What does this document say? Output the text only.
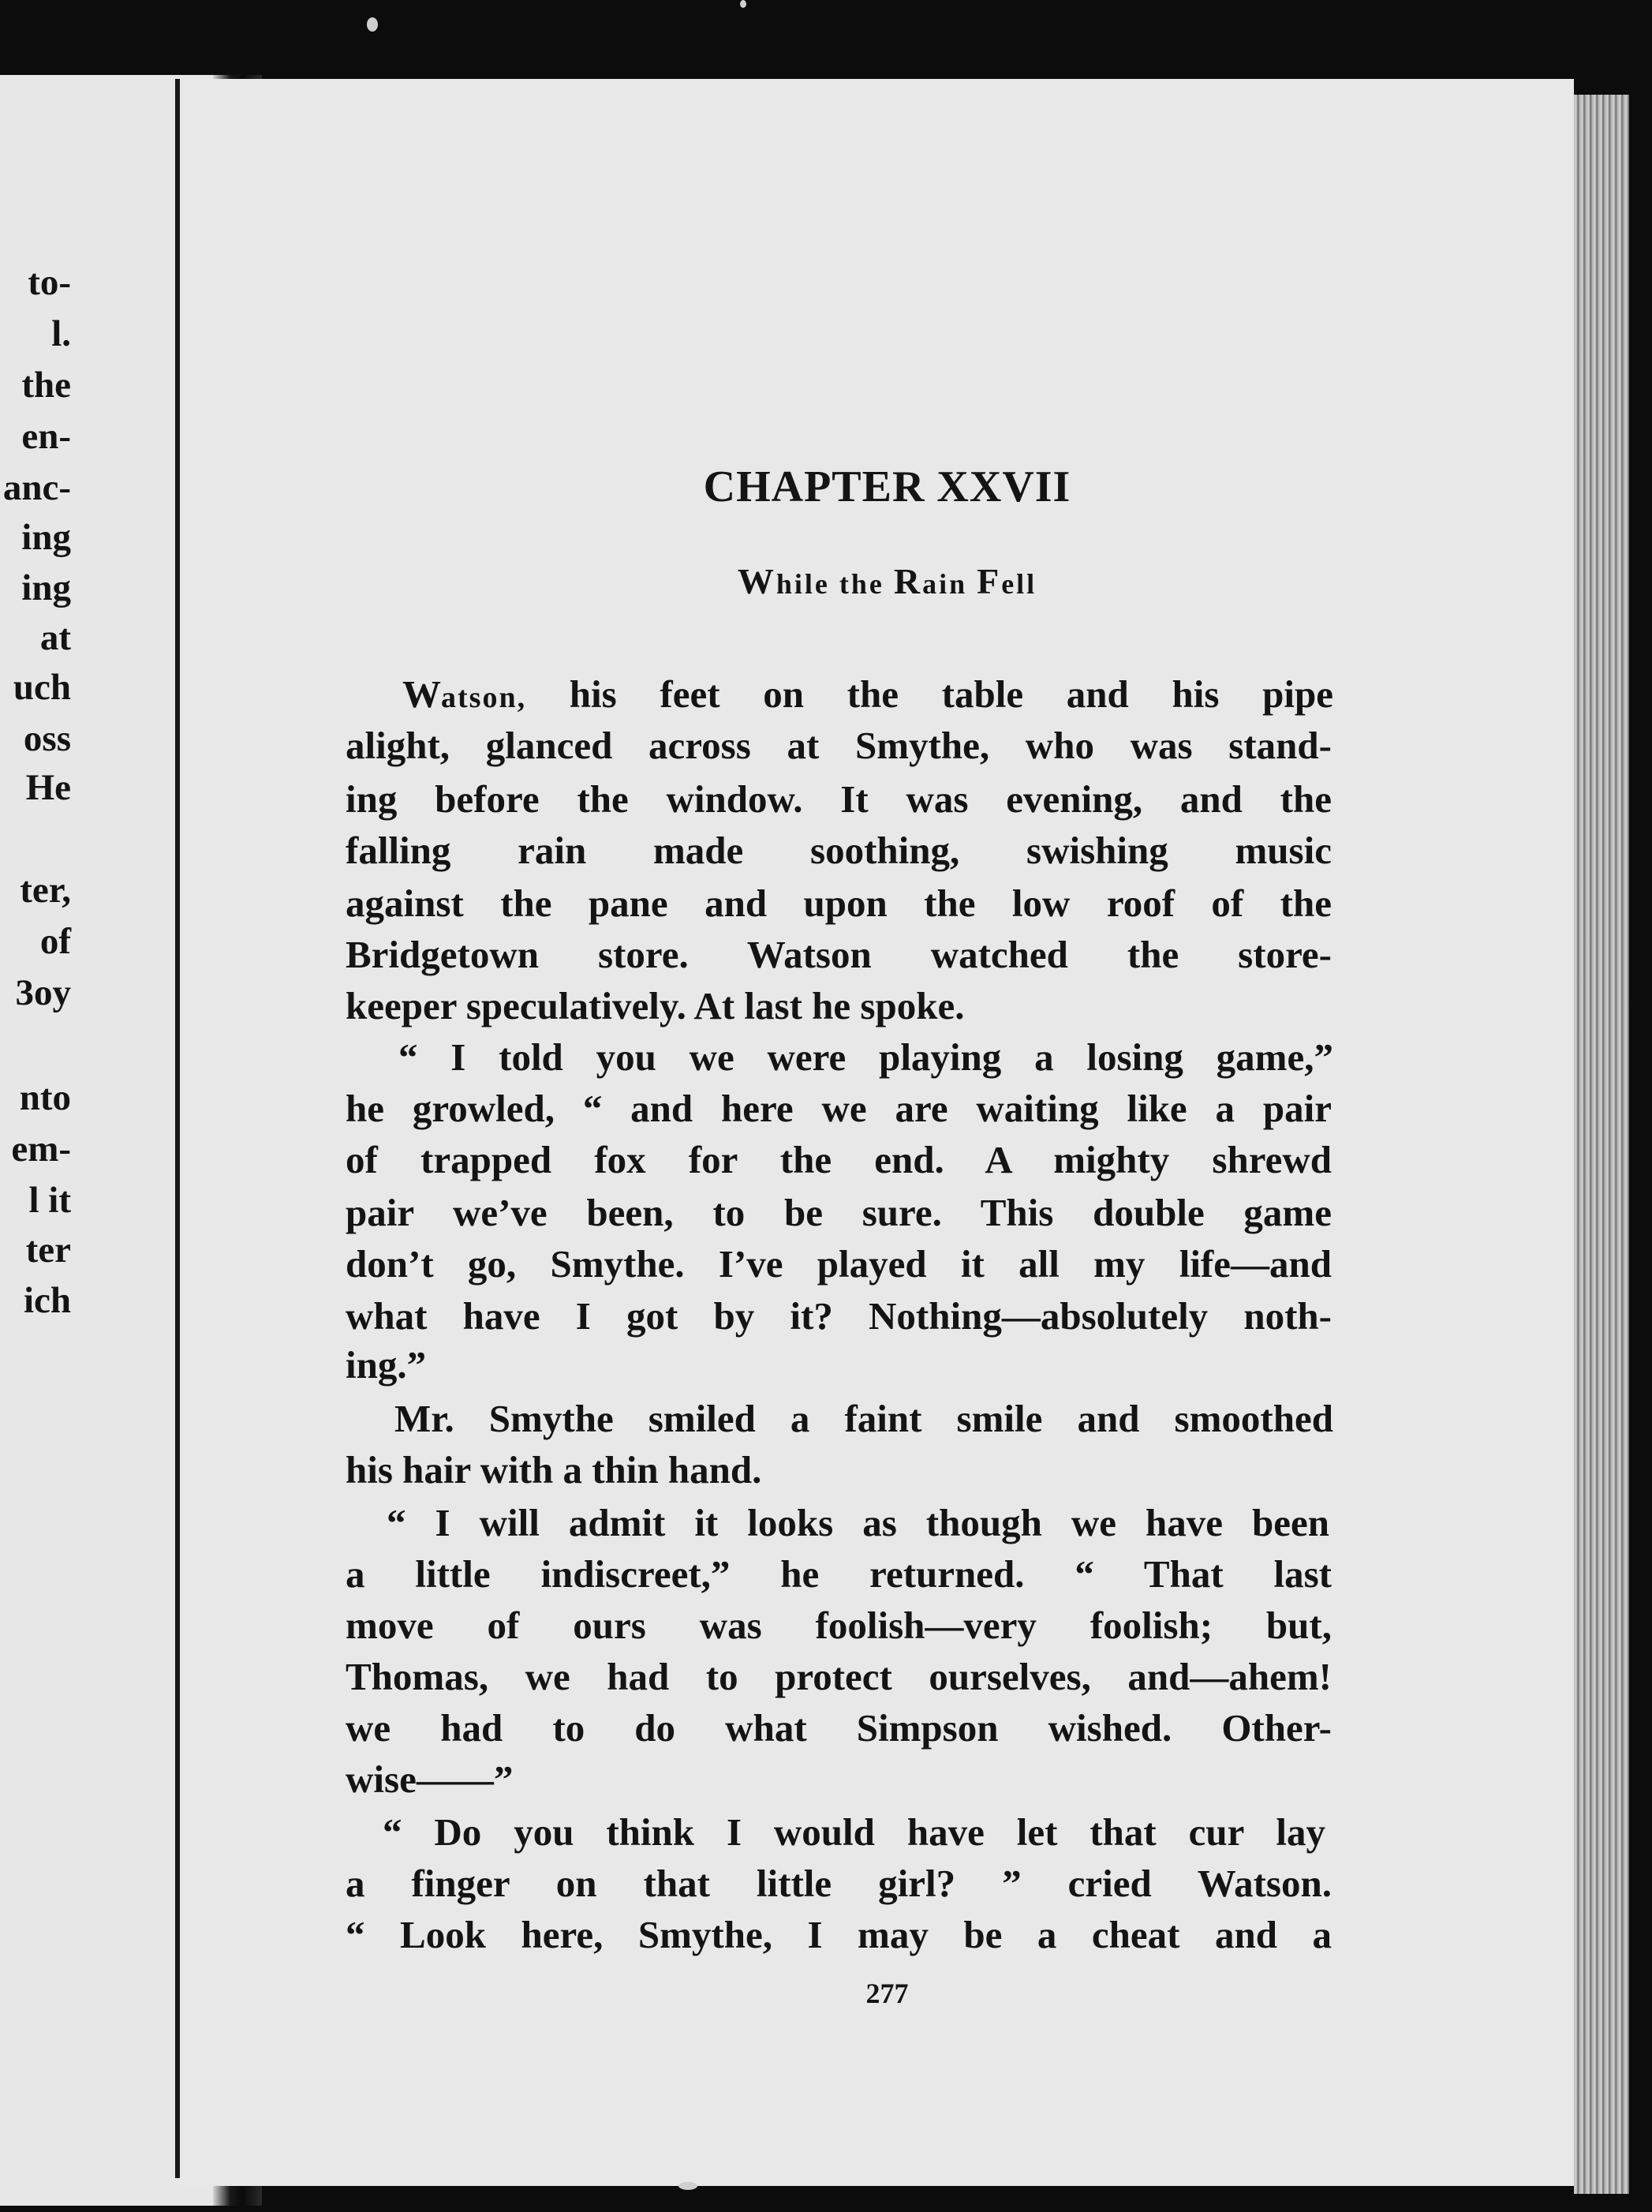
to-
l.
the
en-
anc-
ing
ing
at
uch
oss
He
ter,
of
3oy
nto
em-
l it
ter
ich
CHAPTER XXVII
While the Rain Fell
Watson, his feet on the table and his pipe
alight, glanced across at Smythe, who was stand-
ing before the window. It was evening, and the
falling rain made soothing, swishing music
against the pane and upon the low roof of the
Bridgetown store. Watson watched the store-
keeper speculatively. At last he spoke.
“ I told you we were playing a losing game,”
he growled, “ and here we are waiting like a pair
of trapped fox for the end. A mighty shrewd
pair we’ve been, to be sure. This double game
don’t go, Smythe. I’ve played it all my life—and
what have I got by it? Nothing—absolutely noth-
ing.”
Mr. Smythe smiled a faint smile and smoothed
his hair with a thin hand.
“ I will admit it looks as though we have been
a little indiscreet,” he returned. “ That last
move of ours was foolish—very foolish; but,
Thomas, we had to protect ourselves, and—ahem!
we had to do what Simpson wished. Other-
wise——”
“ Do you think I would have let that cur lay
a finger on that little girl? ” cried Watson.
“ Look here, Smythe, I may be a cheat and a
277
